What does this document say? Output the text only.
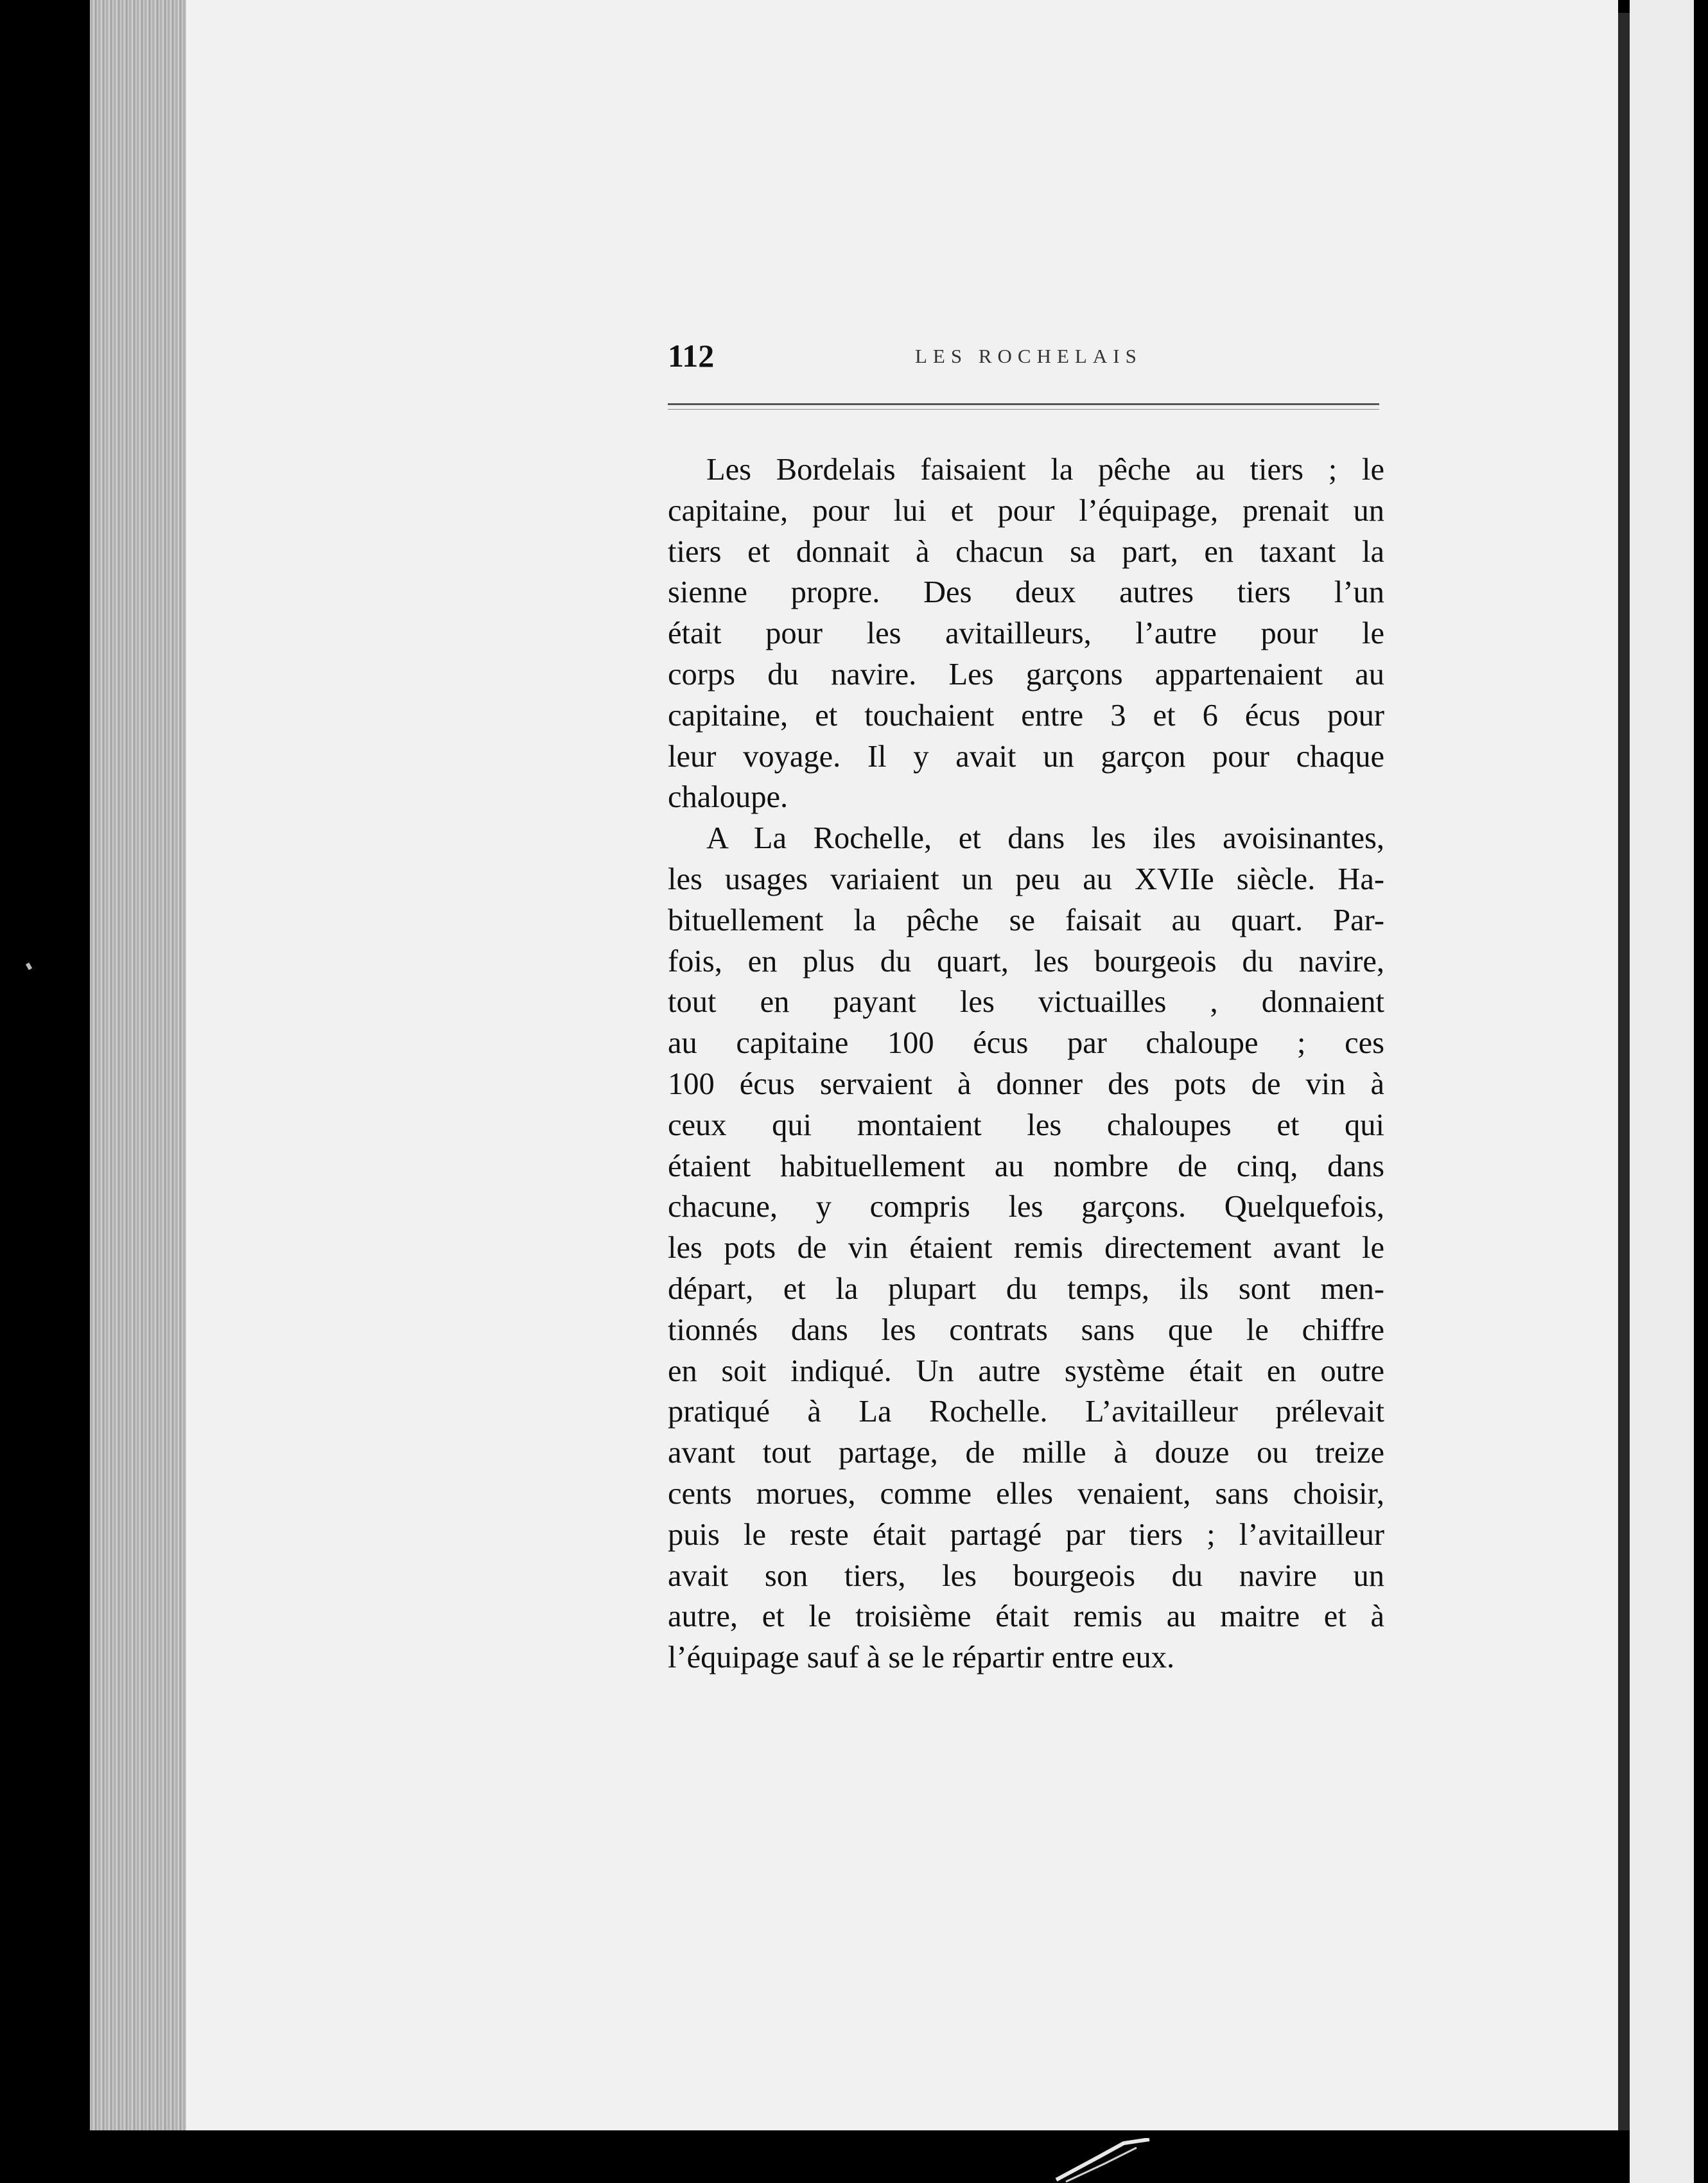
112	LES ROCHELAIS
Les Bordelais faisaient la pêche au tiers ; le
capitaine, pour lui et pour l’équipage, prenait un
tiers et donnait à chacun sa part, en taxant la
sienne propre. Des deux autres tiers l’un
était pour les avitailleurs, l’autre pour le
corps du navire. Les garçons appartenaient au
capitaine, et touchaient entre 3 et 6 écus pour
leur voyage. Il y avait un garçon pour chaque
chaloupe.
A La Rochelle, et dans les iles avoisinantes,
les usages variaient un peu au XVIIe siècle. Ha-
bituellement la pêche se faisait au quart. Par-
fois, en plus du quart, les bourgeois du navire,
tout en payant les victuailles , donnaient
au capitaine 100 écus par chaloupe ; ces
100 écus servaient à donner des pots de vin à
ceux qui montaient les chaloupes et qui
étaient habituellement au nombre de cinq, dans
chacune, y compris les garçons. Quelquefois,
les pots de vin étaient remis directement avant le
départ, et la plupart du temps, ils sont men-
tionnés dans les contrats sans que le chiffre
en soit indiqué. Un autre système était en outre
pratiqué à La Rochelle. L’avitailleur prélevait
avant tout partage, de mille à douze ou treize
cents morues, comme elles venaient, sans choisir,
puis le reste était partagé par tiers ; l’avitailleur
avait son tiers, les bourgeois du navire un
autre, et le troisième était remis au maitre et à
l’équipage sauf à se le répartir entre eux.
